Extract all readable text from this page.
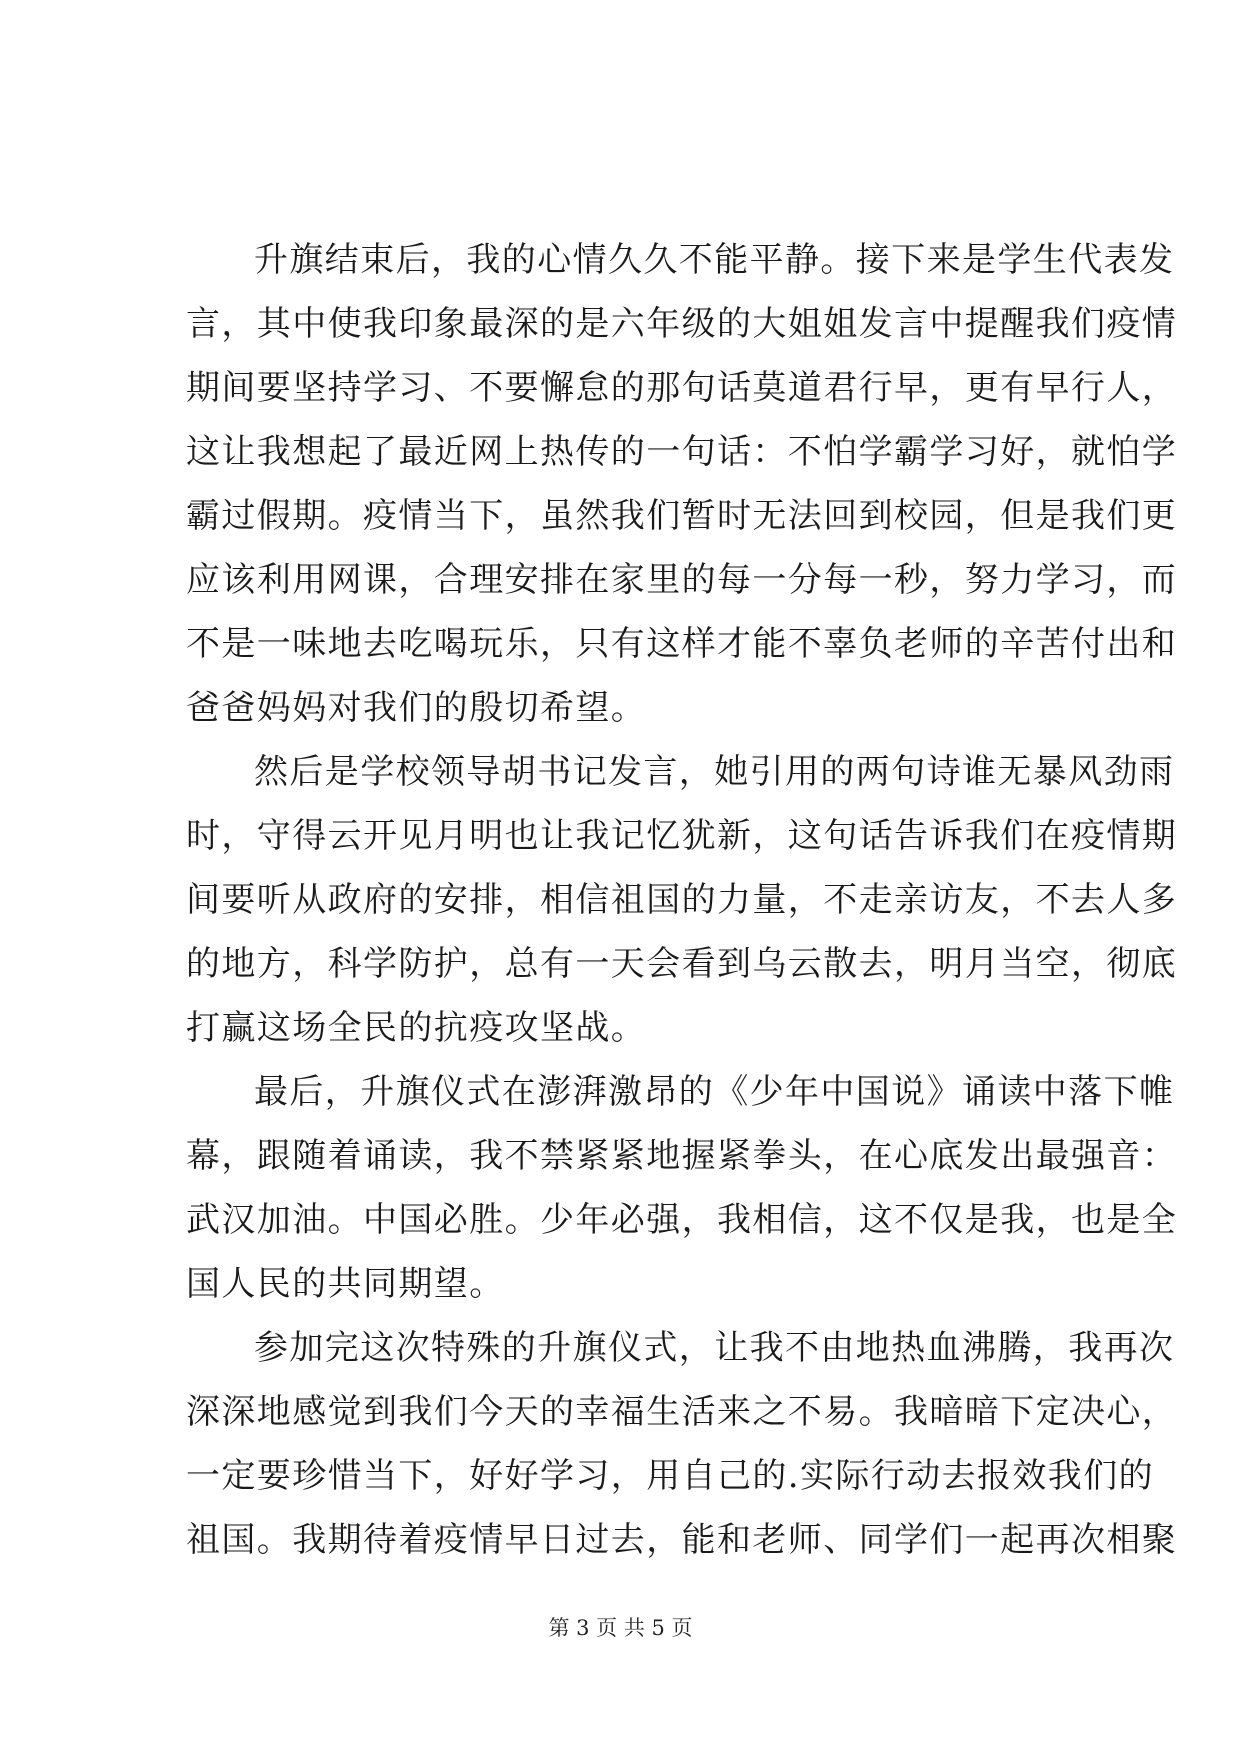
升旗结束后，我的心情久久不能平静。接下来是学生代表发
言，其中使我印象最深的是六年级的大姐姐发言中提醒我们疫情
期间要坚持学习、不要懈怠的那句话莫道君行早，更有早行人，
这让我想起了最近网上热传的一句话：不怕学霸学习好，就怕学
霸过假期。疫情当下，虽然我们暂时无法回到校园，但是我们更
应该利用网课，合理安排在家里的每一分每一秒，努力学习，而
不是一味地去吃喝玩乐，只有这样才能不辜负老师的辛苦付出和
爸爸妈妈对我们的殷切希望。
然后是学校领导胡书记发言，她引用的两句诗谁无暴风劲雨
时，守得云开见月明也让我记忆犹新，这句话告诉我们在疫情期
间要听从政府的安排，相信祖国的力量，不走亲访友，不去人多
的地方，科学防护，总有一天会看到乌云散去，明月当空，彻底
打赢这场全民的抗疫攻坚战。
最后，升旗仪式在澎湃激昂的《少年中国说》诵读中落下帷
幕，跟随着诵读，我不禁紧紧地握紧拳头，在心底发出最强音：
武汉加油。中国必胜。少年必强，我相信，这不仅是我，也是全
国人民的共同期望。
参加完这次特殊的升旗仪式，让我不由地热血沸腾，我再次
深深地感觉到我们今天的幸福生活来之不易。我暗暗下定决心，
一定要珍惜当下，好好学习，用自己的.实际行动去报效我们的
祖国。我期待着疫情早日过去，能和老师、同学们一起再次相聚
第 3 页 共 5 页
